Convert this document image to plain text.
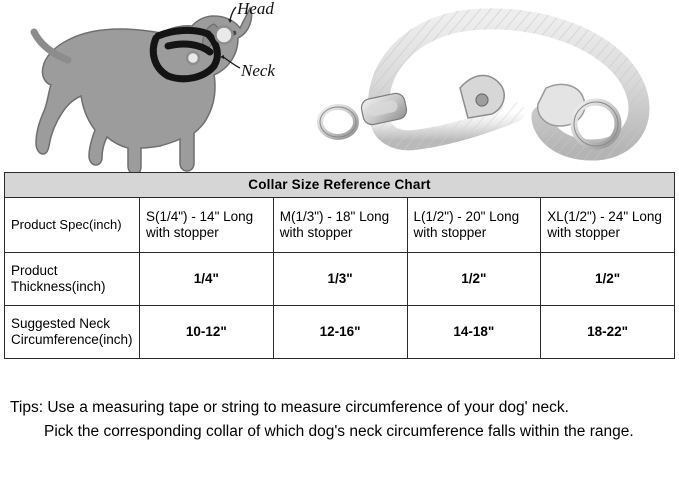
Head
Neck
Collar Size Reference Chart				
Product Spec(inch)	S(1/4") - 14" Long with stopper	M(1/3") - 18" Long with stopper	L(1/2") - 20" Long with stopper	XL(1/2") - 24" Long with stopper
Product Thickness(inch)	1/4"	1/3"	1/2"	1/2"
Suggested Neck Circumference(inch)	10-12"	12-16"	14-18"	18-22"
Tips: Use a measuring tape or string to measure circumference of your dog' neck.
Pick the corresponding collar of which dog's neck circumference falls within the range.
